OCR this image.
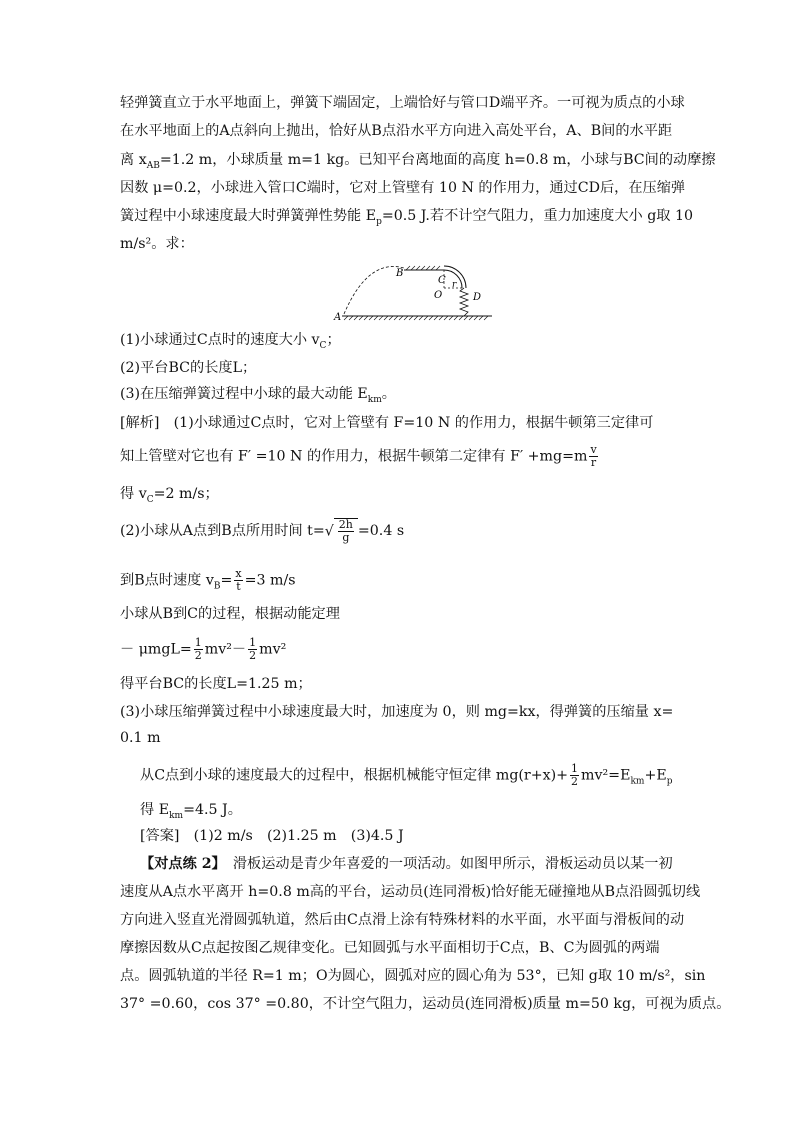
轻弹簧直立于水平地面上，弹簧下端固定，上端恰好与管口D端平齐。一可视为质点的小球
在水平地面上的A点斜向上抛出，恰好从B点沿水平方向进入高处平台，A、B间的水平距
离 $x_{AB}=1.2$ m，小球质量 m=1 kg。已知平台离地面的高度 h=0.8 m，小球与BC间的动摩擦
因数 μ=0.2，小球进入管口C端时，它对上管壁有 10 N 的作用力，通过CD后，在压缩弹
簧过程中小球速度最大时弹簧弹性势能 $E_p=0.5$ J.若不计空气阻力，重力加速度大小 g取 10
m/s²。求：
A
B
C
O
r
D
(1)小球通过C点时的速度大小 $v_C$；
(2)平台BC的长度L；
(3)在压缩弹簧过程中小球的最大动能 $E_{km}$。
[解析]　(1)小球通过C点时，它对上管壁有 F=10 N 的作用力，根据牛顿第三定律可
知上管壁对它也有 F′ =10 N 的作用力，根据牛顿第二定律有 $F' +mg=m \frac{v}{r}$
得 $v_C=2$ m/s；
(2)小球从A点到B点所用时间 $t=√ \frac{2h}{g} =0.4$ s
到B点时速度 $v_B= \frac{x}{t} =3$ m/s
小球从B到C的过程，根据动能定理
－ $\mu mgL= \frac{1}{2} mv^2- \frac{1}{2} mv^2$
得平台BC的长度L=1.25 m；
(3)小球压缩弹簧过程中小球速度最大时，加速度为 0，则 mg=kx，得弹簧的压缩量 x=
0.1 m
从C点到小球的速度最大的过程中，根据机械能守恒定律 $mg(r+x)+ \frac{1}{2} mv^2=E_{km}+E_p$
得 $E_{km}=4.5$ J。
[答案]　(1)2 m/s　(2)1.25 m　(3)4.5 J
【对点练 2】　滑板运动是青少年喜爱的一项活动。如图甲所示，滑板运动员以某一初
速度从A点水平离开 h=0.8 m高的平台，运动员(连同滑板)恰好能无碰撞地从B点沿圆弧切线
方向进入竖直光滑圆弧轨道，然后由C点滑上涂有特殊材料的水平面，水平面与滑板间的动
摩擦因数从C点起按图乙规律变化。已知圆弧与水平面相切于C点，B、C为圆弧的两端
点。圆弧轨道的半径 R=1 m；O为圆心，圆弧对应的圆心角为 53°，已知 g取 10 m/s²，sin
37° =0.60，cos 37° =0.80，不计空气阻力，运动员(连同滑板)质量 m=50 kg，可视为质点。
